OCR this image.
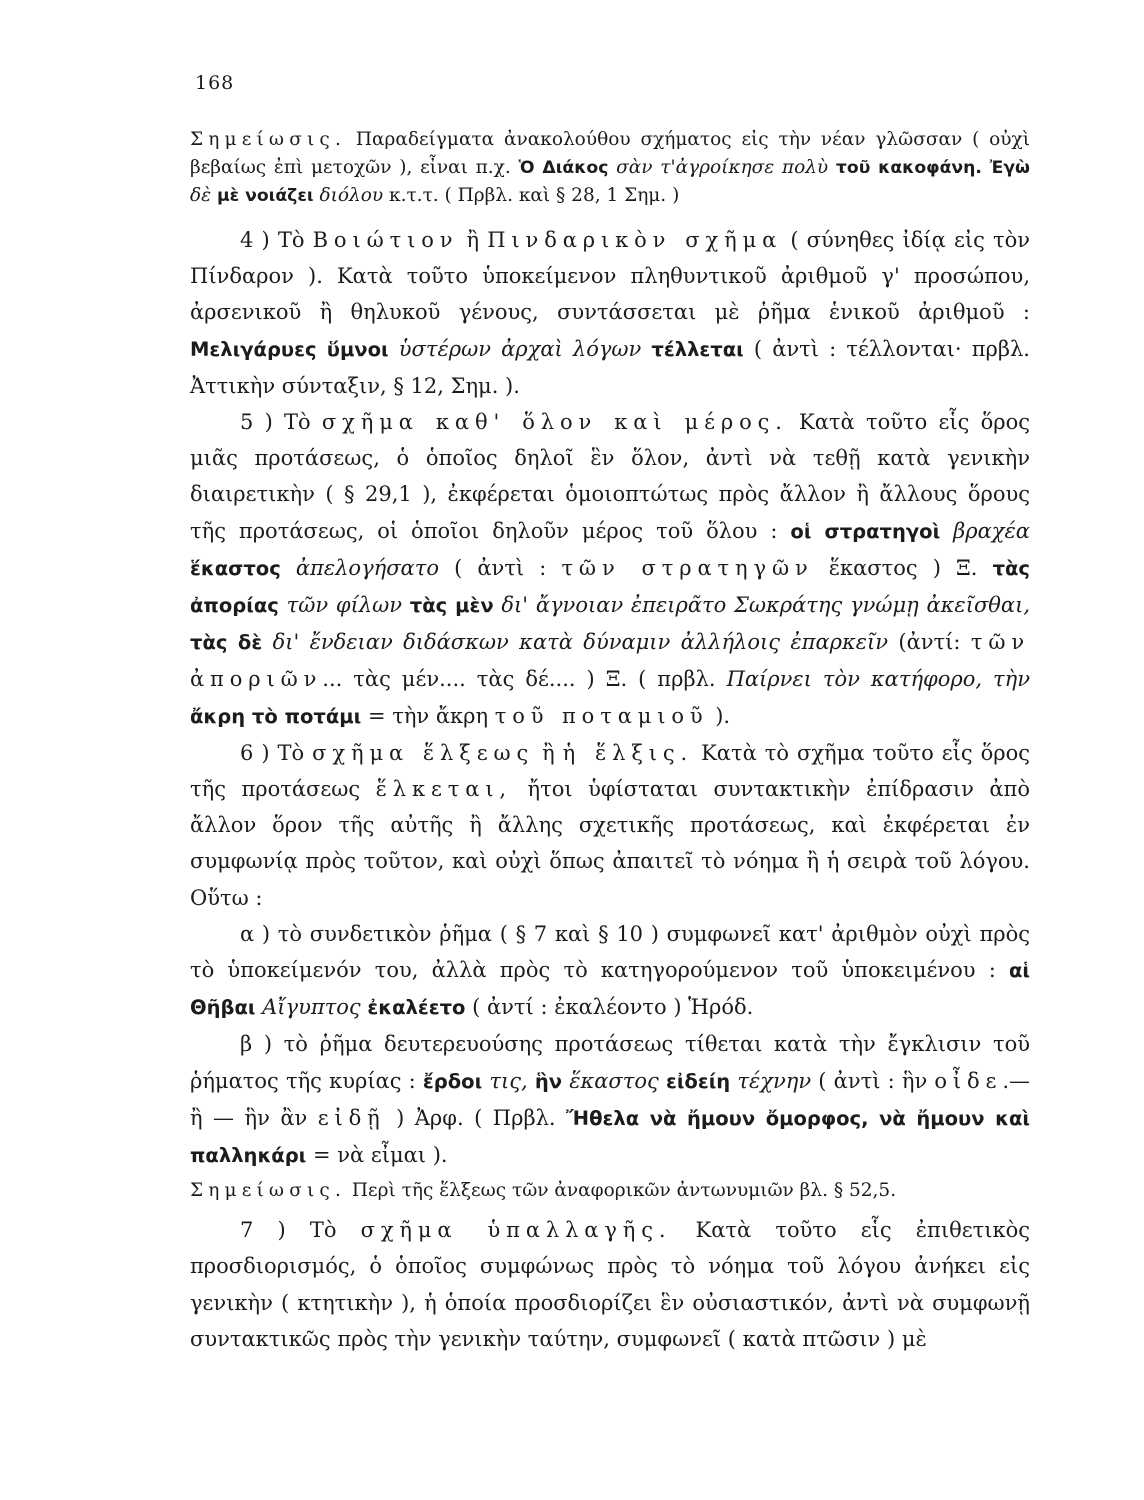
168

Σημείωσις. Παραδείγματα ἀνακολούθου σχήματος εἰς τὴν νέαν γλῶσσαν ( οὐχὶ βεβαίως ἐπὶ μετοχῶν ), εἶναι π.χ. Ὁ Διάκος σὰν τ'ἀγροίκησε πολὺ τοῦ κακοφάνη. Ἐγὼ δὲ μὲ νοιάζει διόλου κ.τ.τ. ( Πρβλ. καὶ § 28, 1 Σημ. )

4 ) Τὸ Βοιώτιον ἢ Πινδαρικὸν σχῆμα ( σύνηθες ἰδίᾳ εἰς τὸν Πίνδαρον ). Κατὰ τοῦτο ὑποκείμενον πληθυντικοῦ ἀριθμοῦ γ' προσώπου, ἀρσενικοῦ ἢ θηλυκοῦ γένους, συντάσσεται μὲ ῥῆμα ἑνικοῦ ἀριθμοῦ : Μελιγάρυες ὕμνοι ὑστέρων ἀρχαὶ λόγων τέλλεται ( ἀντὶ : τέλλονται· πρβλ. Ἀττικὴν σύνταξιν, § 12, Σημ. ).

5 ) Τὸ σχῆμα καθ' ὅλον καὶ μέρος. Κατὰ τοῦτο εἷς ὅρος μιᾶς προτάσεως, ὁ ὁποῖος δηλοῖ ἓν ὅλον, ἀντὶ νὰ τεθῇ κατὰ γενικὴν διαιρετικὴν ( § 29,1 ), ἐκφέρεται ὁμοιοπτώτως πρὸς ἄλλον ἢ ἄλλους ὅρους τῆς προτάσεως, οἱ ὁποῖοι δηλοῦν μέρος τοῦ ὅλου : οἱ στρατηγοὶ βραχέα ἕκαστος ἀπελογήσατο ( ἀντὶ : τῶν στρατηγῶν ἕκαστος ) Ξ. τὰς ἀπορίας τῶν φίλων τὰς μὲν δι' ἄγνοιαν ἐπειρᾶτο Σωκράτης γνώμῃ ἀκεῖσθαι, τὰς δὲ δι' ἔνδειαν διδάσκων κατὰ δύναμιν ἀλλήλοις ἐπαρκεῖν (ἀντί: τῶν ἀποριῶν... τὰς μέν.... τὰς δέ.... ) Ξ. ( πρβλ. Παίρνει τὸν κατήφορο, τὴν ἄκρη τὸ ποτάμι = τὴν ἄκρη τοῦ ποταμιοῦ ).

6 ) Τὸ σχῆμα ἕλξεως ἢ ἡ ἕλξις. Κατὰ τὸ σχῆμα τοῦτο εἷς ὅρος τῆς προτάσεως ἕλκεται, ἤτοι ὑφίσταται συντακτικὴν ἐπίδρασιν ἀπὸ ἄλλον ὅρον τῆς αὐτῆς ἢ ἄλλης σχετικῆς προτάσεως, καὶ ἐκφέρεται ἐν συμφωνίᾳ πρὸς τοῦτον, καὶ οὐχὶ ὅπως ἀπαιτεῖ τὸ νόημα ἢ ἡ σειρὰ τοῦ λόγου. Οὕτω :

α ) τὸ συνδετικὸν ῥῆμα ( § 7 καὶ § 10 ) συμφωνεῖ κατ' ἀριθμὸν οὐχὶ πρὸς τὸ ὑποκείμενόν του, ἀλλὰ πρὸς τὸ κατηγορούμενον τοῦ ὑποκειμένου : αἱ Θῆβαι Αἴγυπτος ἐκαλέετο ( ἀντί : ἐκαλέοντο ) Ἡρόδ.

β ) τὸ ῥῆμα δευτερευούσης προτάσεως τίθεται κατὰ τὴν ἔγκλισιν τοῦ ῥήματος τῆς κυρίας : ἔρδοι τις, ἣν ἕκαστος εἰδείη τέχνην ( ἀντὶ : ἣν οἶδε.— ἢ — ἣν ἂν εἰδῇ ) Ἀρφ. ( Πρβλ. Ἤθελα νὰ ἤμουν ὄμορφος, νὰ ἤμουν καὶ παλληκάρι = νὰ εἶμαι ).

Σημείωσις. Περὶ τῆς ἕλξεως τῶν ἀναφορικῶν ἀντωνυμιῶν βλ. § 52,5.

7 ) Τὸ σχῆμα ὑπαλλαγῆς. Κατὰ τοῦτο εἷς ἐπιθετικὸς προσδιορισμός, ὁ ὁποῖος συμφώνως πρὸς τὸ νόημα τοῦ λόγου ἀνήκει εἰς γενικὴν ( κτητικὴν ), ἡ ὁποία προσδιορίζει ἓν οὐσιαστικόν, ἀντὶ νὰ συμφωνῇ συντακτικῶς πρὸς τὴν γενικὴν ταύτην, συμφωνεῖ ( κατὰ πτῶσιν ) μὲ
